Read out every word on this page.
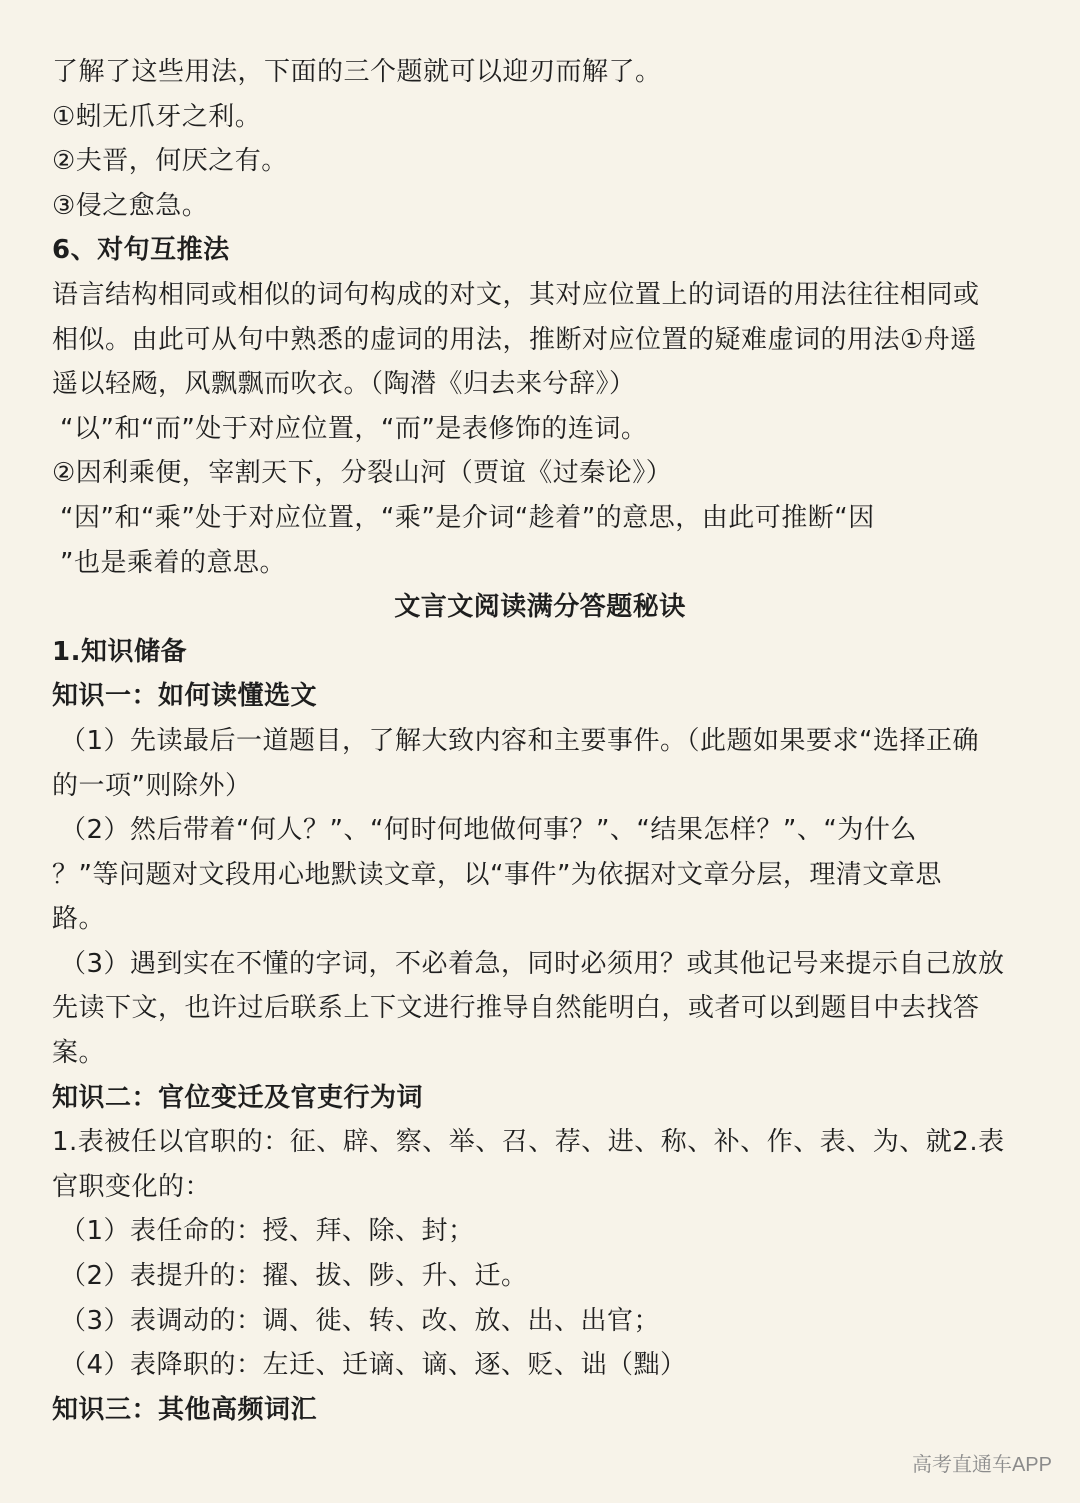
了解了这些用法，下面的三个题就可以迎刃而解了。
①蚓无爪牙之利。
②夫晋，何厌之有。
③侵之愈急。
6、对句互推法
语言结构相同或相似的词句构成的对文，其对应位置上的词语的用法往往相同或
相似。由此可从句中熟悉的虚词的用法，推断对应位置的疑难虚词的用法①舟遥
遥以轻飏，风飘飘而吹衣。（陶潜《归去来兮辞》）
“以”和“而”处于对应位置，“而”是表修饰的连词。
②因利乘便，宰割天下，分裂山河（贾谊《过秦论》）
“因”和“乘”处于对应位置，“乘”是介词“趁着”的意思，由此可推断“因
”也是乘着的意思。
文言文阅读满分答题秘诀
1.知识储备
知识一：如何读懂选文
（1）先读最后一道题目，了解大致内容和主要事件。（此题如果要求“选择正确
的一项”则除外）
（2）然后带着“何人？”、“何时何地做何事？”、“结果怎样？”、“为什么
？”等问题对文段用心地默读文章，以“事件”为依据对文章分层，理清文章思
路。
（3）遇到实在不懂的字词，不必着急，同时必须用？或其他记号来提示自己放放
先读下文，也许过后联系上下文进行推导自然能明白，或者可以到题目中去找答
案。
知识二：官位变迁及官吏行为词
1.表被任以官职的：征、辟、察、举、召、荐、进、称、补、作、表、为、就2.表
官职变化的：
（1）表任命的：授、拜、除、封；
（2）表提升的：擢、拔、陟、升、迁。
（3）表调动的：调、徙、转、改、放、出、出官；
（4）表降职的：左迁、迁谪、谪、逐、贬、诎（黜）
知识三：其他高频词汇
高考直通车APP
